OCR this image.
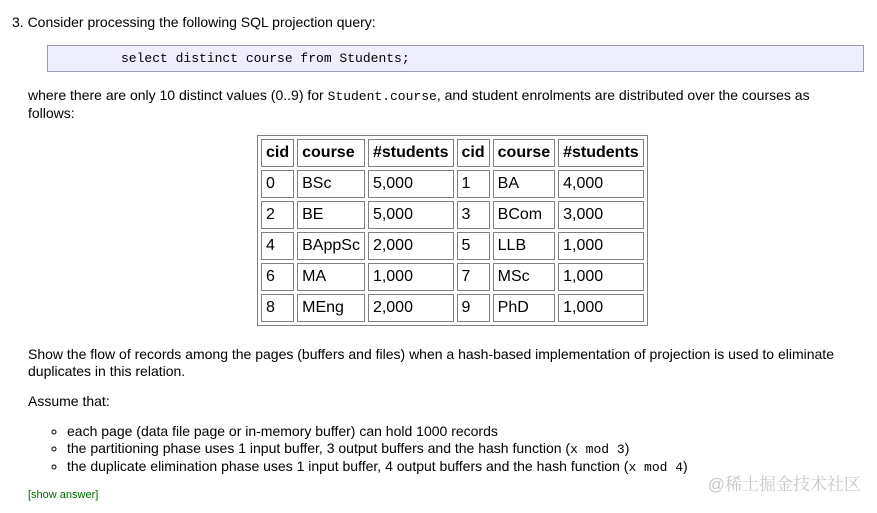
3. Consider processing the following SQL projection query:
select distinct course from Students;
where there are only 10 distinct values (0..9) for Student.course, and student enrolments are distributed over the courses as follows:
cid	course	#students	cid	course	#students
0	BSc	5,000	1	BA	4,000
2	BE	5,000	3	BCom	3,000
4	BAppSc	2,000	5	LLB	1,000
6	MA	1,000	7	MSc	1,000
8	MEng	2,000	9	PhD	1,000
Show the flow of records among the pages (buffers and files) when a hash-based implementation of projection is used to eliminate duplicates in this relation.
Assume that:
◦ each page (data file page or in-memory buffer) can hold 1000 records
◦ the partitioning phase uses 1 input buffer, 3 output buffers and the hash function (x mod 3)
◦ the duplicate elimination phase uses 1 input buffer, 4 output buffers and the hash function (x mod 4)
[show answer]
@稀土掘金技术社区
